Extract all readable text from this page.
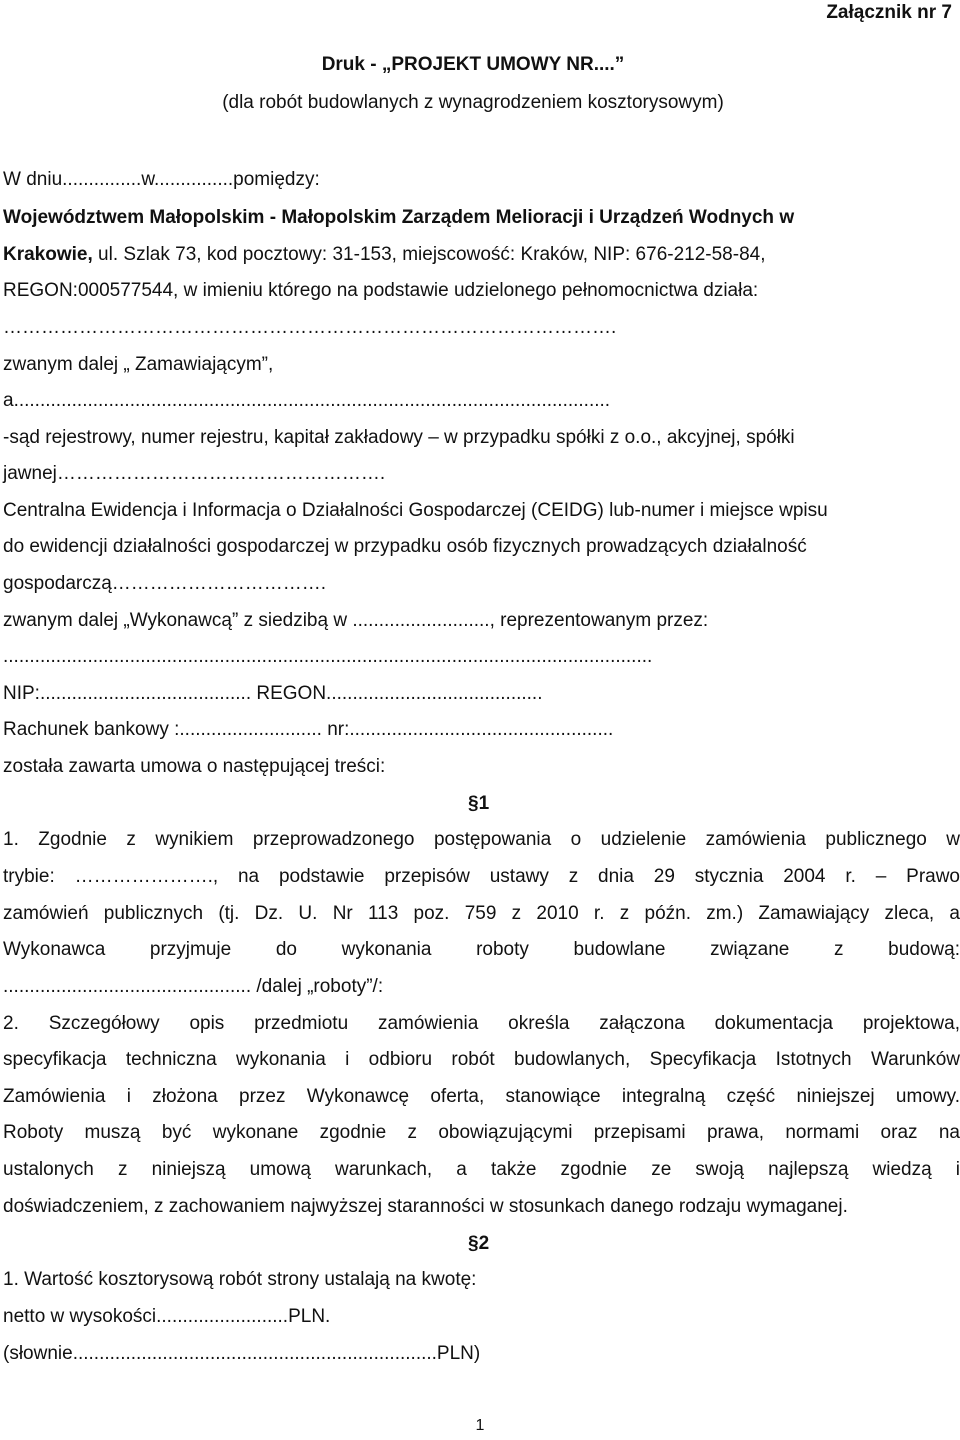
Załącznik nr 7
Druk - „PROJEKT UMOWY NR....”
(dla robót budowlanych z wynagrodzeniem kosztorysowym)
W dniu...............w...............pomiędzy:
Województwem Małopolskim - Małopolskim Zarządem Melioracji i Urządzeń Wodnych w
Krakowie, ul. Szlak 73, kod pocztowy: 31-153, miejscowość: Kraków, NIP: 676-212-58-84,
REGON:000577544, w imieniu którego na podstawie udzielonego pełnomocnictwa działa:
…………………………………………………………………………………….
zwanym dalej „ Zamawiającym”,
a.................................................................................................................
-sąd rejestrowy, numer rejestru, kapitał zakładowy – w przypadku spółki z o.o., akcyjnej, spółki
jawnej…………………………………………….
Centralna Ewidencja i Informacja o Działalności Gospodarczej (CEIDG) lub-numer i miejsce wpisu
do ewidencji działalności gospodarczej w przypadku osób fizycznych prowadzących działalność
gospodarczą…………………………….
zwanym dalej „Wykonawcą” z siedzibą w .........................., reprezentowanym przez:
...........................................................................................................................
NIP:........................................ REGON.........................................
Rachunek bankowy :........................... nr:..................................................
została zawarta umowa o następującej treści:
§1
1. Zgodnie z wynikiem przeprowadzonego postępowania o udzielenie zamówienia publicznego w
trybie: …………………., na podstawie przepisów ustawy z dnia 29 stycznia 2004 r. – Prawo
zamówień publicznych (tj. Dz. U. Nr 113 poz. 759 z 2010 r. z późn. zm.) Zamawiający zleca, a
Wykonawca przyjmuje do wykonania roboty budowlane związane z budową:
............................................... /dalej „roboty”/:
2. Szczegółowy opis przedmiotu zamówienia określa załączona dokumentacja projektowa,
specyfikacja techniczna wykonania i odbioru robót budowlanych, Specyfikacja Istotnych Warunków
Zamówienia i złożona przez Wykonawcę oferta, stanowiące integralną część niniejszej umowy.
Roboty muszą być wykonane zgodnie z obowiązującymi przepisami prawa, normami oraz na
ustalonych z niniejszą umową warunkach, a także zgodnie ze swoją najlepszą wiedzą i
doświadczeniem, z zachowaniem najwyższej staranności w stosunkach danego rodzaju wymaganej.
§2
1. Wartość kosztorysową robót strony ustalają na kwotę:
netto w wysokości.........................PLN.
(słownie.....................................................................PLN)
1
